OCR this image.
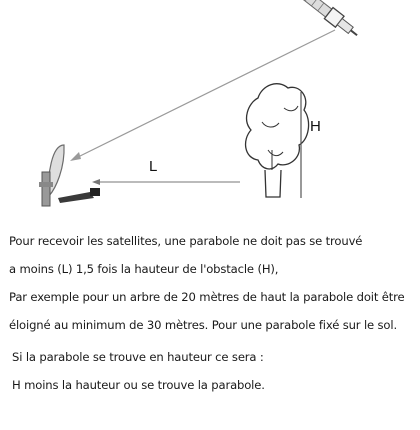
H
L

Pour recevoir les satellites, une parabole ne doit pas se trouvé

a moins (L) 1,5 fois la hauteur de l'obstacle (H),

Par exemple pour un arbre de 20 mètres de haut la parabole doit être

éloigné au minimum de 30 mètres. Pour une parabole fixé sur le sol.

Si la parabole se trouve en hauteur ce sera :

H moins la hauteur ou se trouve la parabole.
